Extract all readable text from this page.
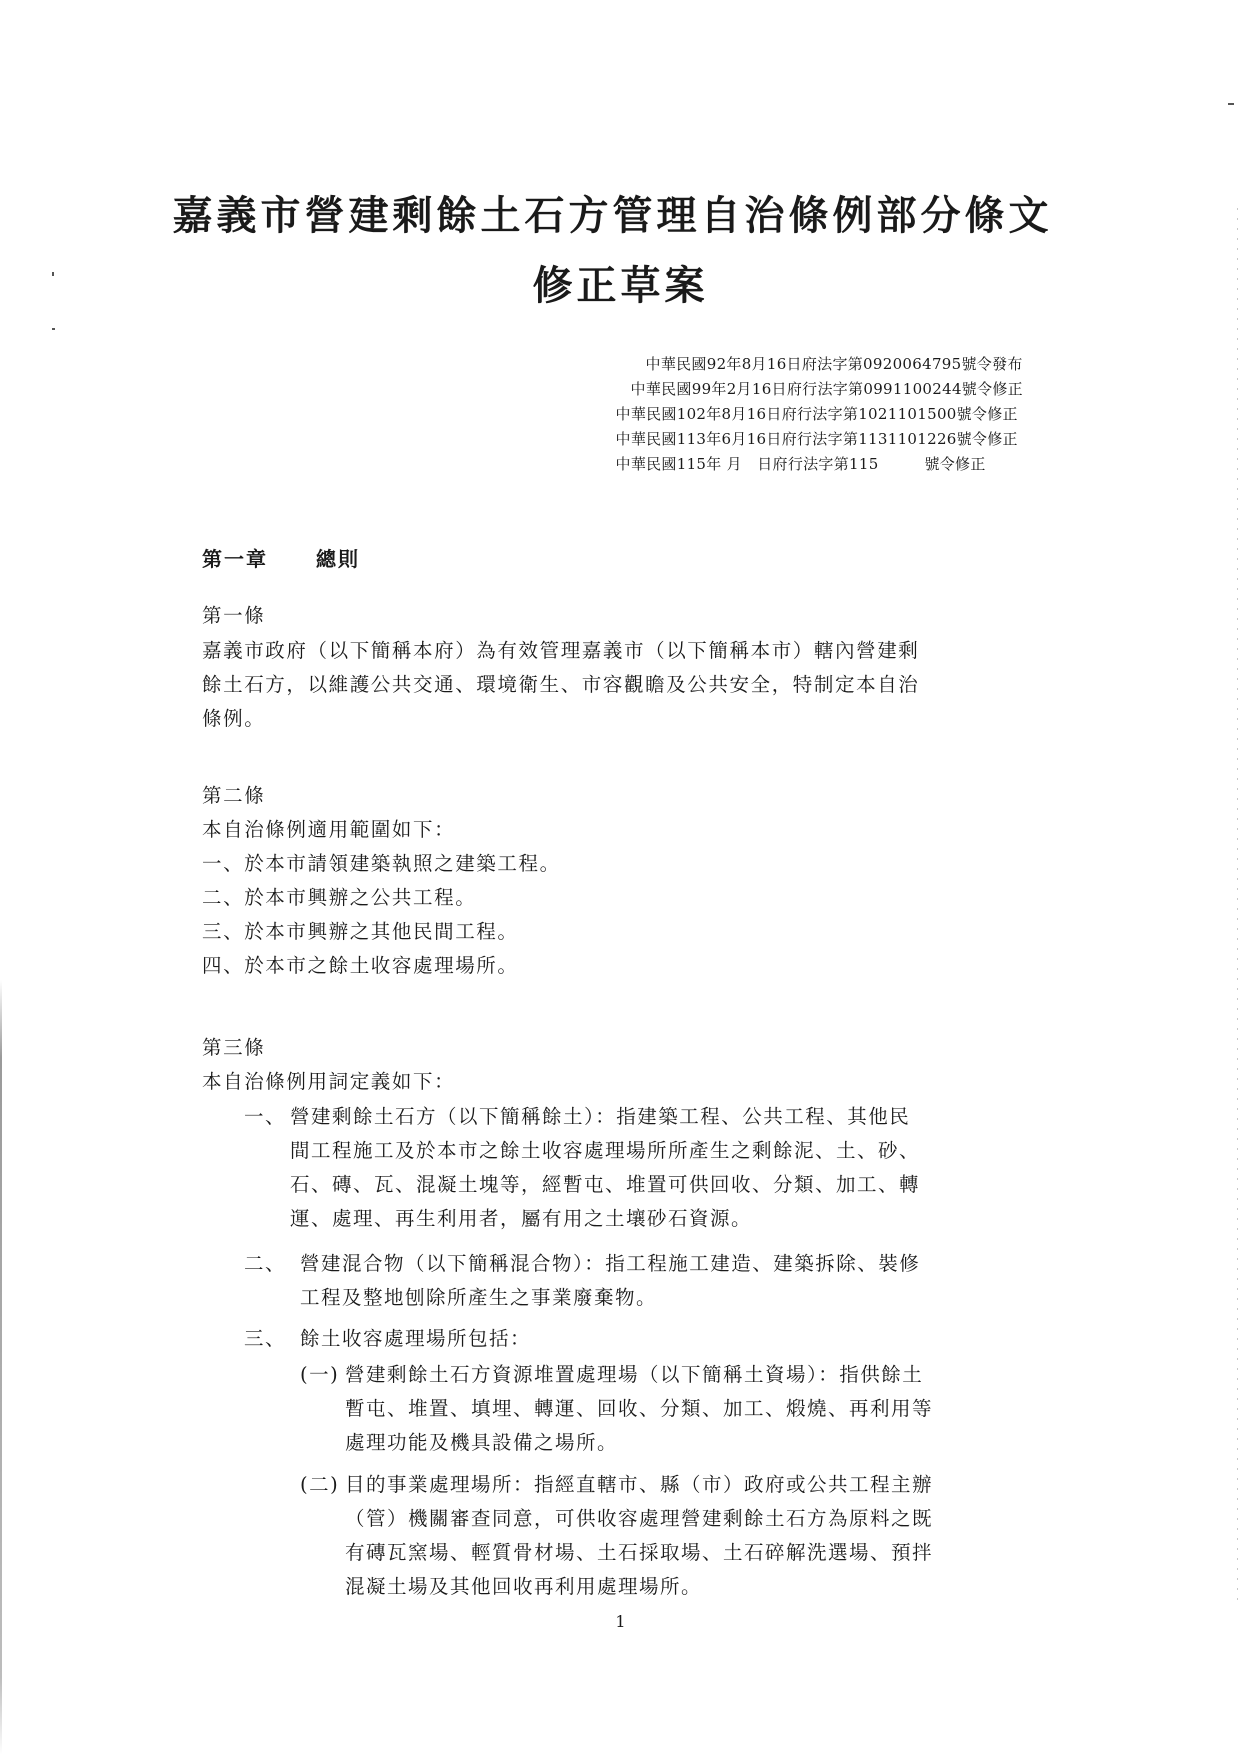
嘉義市營建剩餘土石方管理自治條例部分條文
修正草案
中華民國92年8月16日府法字第0920064795號令發布
中華民國99年2月16日府行法字第0991100244號令修正
中華民國102年8月16日府行法字第1021101500號令修正
中華民國113年6月16日府行法字第1131101226號令修正
中華民國115年 月　日府行法字第115　　　號令修正
第一章 總則
第一條
嘉義市政府（以下簡稱本府）為有效管理嘉義市（以下簡稱本市）轄內營建剩
餘土石方，以維護公共交通、環境衛生、市容觀瞻及公共安全，特制定本自治
條例。
第二條
本自治條例適用範圍如下：
一、於本市請領建築執照之建築工程。
二、於本市興辦之公共工程。
三、於本市興辦之其他民間工程。
四、於本市之餘土收容處理場所。
第三條
本自治條例用詞定義如下：
一、 營建剩餘土石方（以下簡稱餘土）：指建築工程、公共工程、其他民
間工程施工及於本市之餘土收容處理場所所產生之剩餘泥、土、砂、
石、磚、瓦、混凝土塊等，經暫屯、堆置可供回收、分類、加工、轉
運、處理、再生利用者，屬有用之土壤砂石資源。
二、 營建混合物（以下簡稱混合物）：指工程施工建造、建築拆除、裝修
工程及整地刨除所產生之事業廢棄物。
三、 餘土收容處理場所包括：
(一) 營建剩餘土石方資源堆置處理場（以下簡稱土資場）：指供餘土
暫屯、堆置、填埋、轉運、回收、分類、加工、煅燒、再利用等
處理功能及機具設備之場所。
(二) 目的事業處理場所：指經直轄市、縣（市）政府或公共工程主辦
（管）機關審查同意，可供收容處理營建剩餘土石方為原料之既
有磚瓦窯場、輕質骨材場、土石採取場、土石碎解洗選場、預拌
混凝土場及其他回收再利用處理場所。
1
